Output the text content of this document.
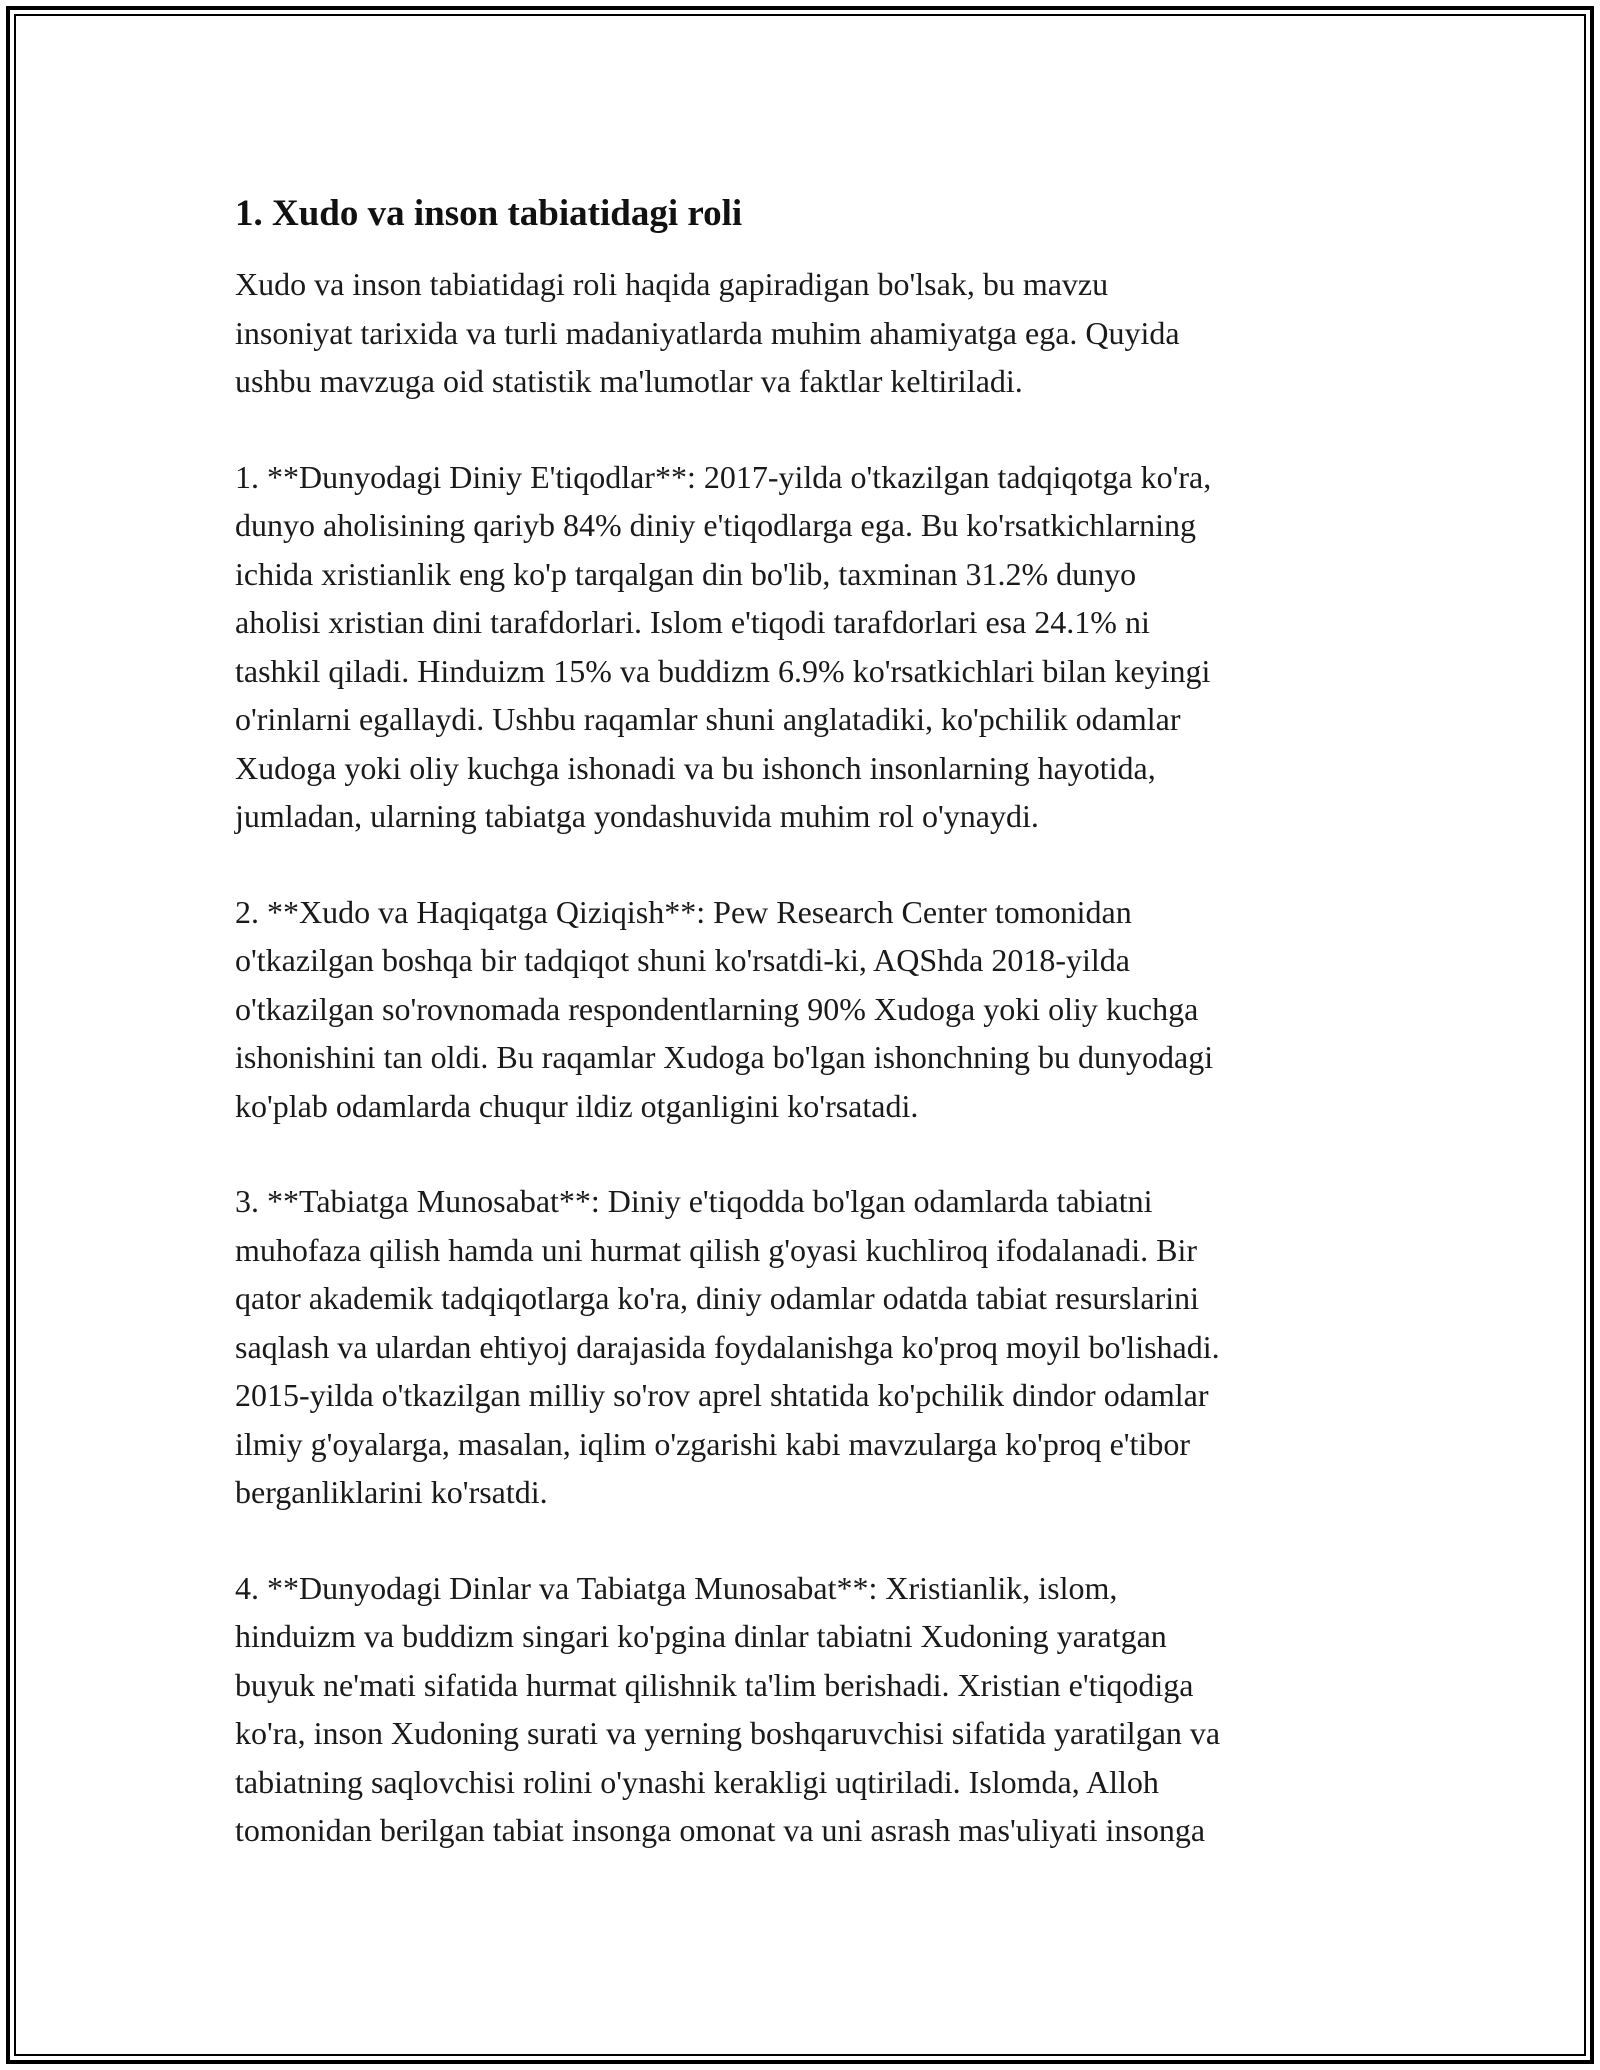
1. Xudo va inson tabiatidagi roli

Xudo va inson tabiatidagi roli haqida gapiradigan bo'lsak, bu mavzu
insoniyat tarixida va turli madaniyatlarda muhim ahamiyatga ega. Quyida
ushbu mavzuga oid statistik ma'lumotlar va faktlar keltiriladi.

1. **Dunyodagi Diniy E'tiqodlar**: 2017-yilda o'tkazilgan tadqiqotga ko'ra,
dunyo aholisining qariyb 84% diniy e'tiqodlarga ega. Bu ko'rsatkichlarning
ichida xristianlik eng ko'p tarqalgan din bo'lib, taxminan 31.2% dunyo
aholisi xristian dini tarafdorlari. Islom e'tiqodi tarafdorlari esa 24.1% ni
tashkil qiladi. Hinduizm 15% va buddizm 6.9% ko'rsatkichlari bilan keyingi
o'rinlarni egallaydi. Ushbu raqamlar shuni anglatadiki, ko'pchilik odamlar
Xudoga yoki oliy kuchga ishonadi va bu ishonch insonlarning hayotida,
jumladan, ularning tabiatga yondashuvida muhim rol o'ynaydi.

2. **Xudo va Haqiqatga Qiziqish**: Pew Research Center tomonidan
o'tkazilgan boshqa bir tadqiqot shuni ko'rsatdi-ki, AQShda 2018-yilda
o'tkazilgan so'rovnomada respondentlarning 90% Xudoga yoki oliy kuchga
ishonishini tan oldi. Bu raqamlar Xudoga bo'lgan ishonchning bu dunyodagi
ko'plab odamlarda chuqur ildiz otganligini ko'rsatadi.

3. **Tabiatga Munosabat**: Diniy e'tiqodda bo'lgan odamlarda tabiatni
muhofaza qilish hamda uni hurmat qilish g'oyasi kuchliroq ifodalanadi. Bir
qator akademik tadqiqotlarga ko'ra, diniy odamlar odatda tabiat resurslarini
saqlash va ulardan ehtiyoj darajasida foydalanishga ko'proq moyil bo'lishadi.
2015-yilda o'tkazilgan milliy so'rov aprel shtatida ko'pchilik dindor odamlar
ilmiy g'oyalarga, masalan, iqlim o'zgarishi kabi mavzularga ko'proq e'tibor
berganliklarini ko'rsatdi.

4. **Dunyodagi Dinlar va Tabiatga Munosabat**: Xristianlik, islom,
hinduizm va buddizm singari ko'pgina dinlar tabiatni Xudoning yaratgan
buyuk ne'mati sifatida hurmat qilishnik ta'lim berishadi. Xristian e'tiqodiga
ko'ra, inson Xudoning surati va yerning boshqaruvchisi sifatida yaratilgan va
tabiatning saqlovchisi rolini o'ynashi kerakligi uqtiriladi. Islomda, Alloh
tomonidan berilgan tabiat insonga omonat va uni asrash mas'uliyati insonga
